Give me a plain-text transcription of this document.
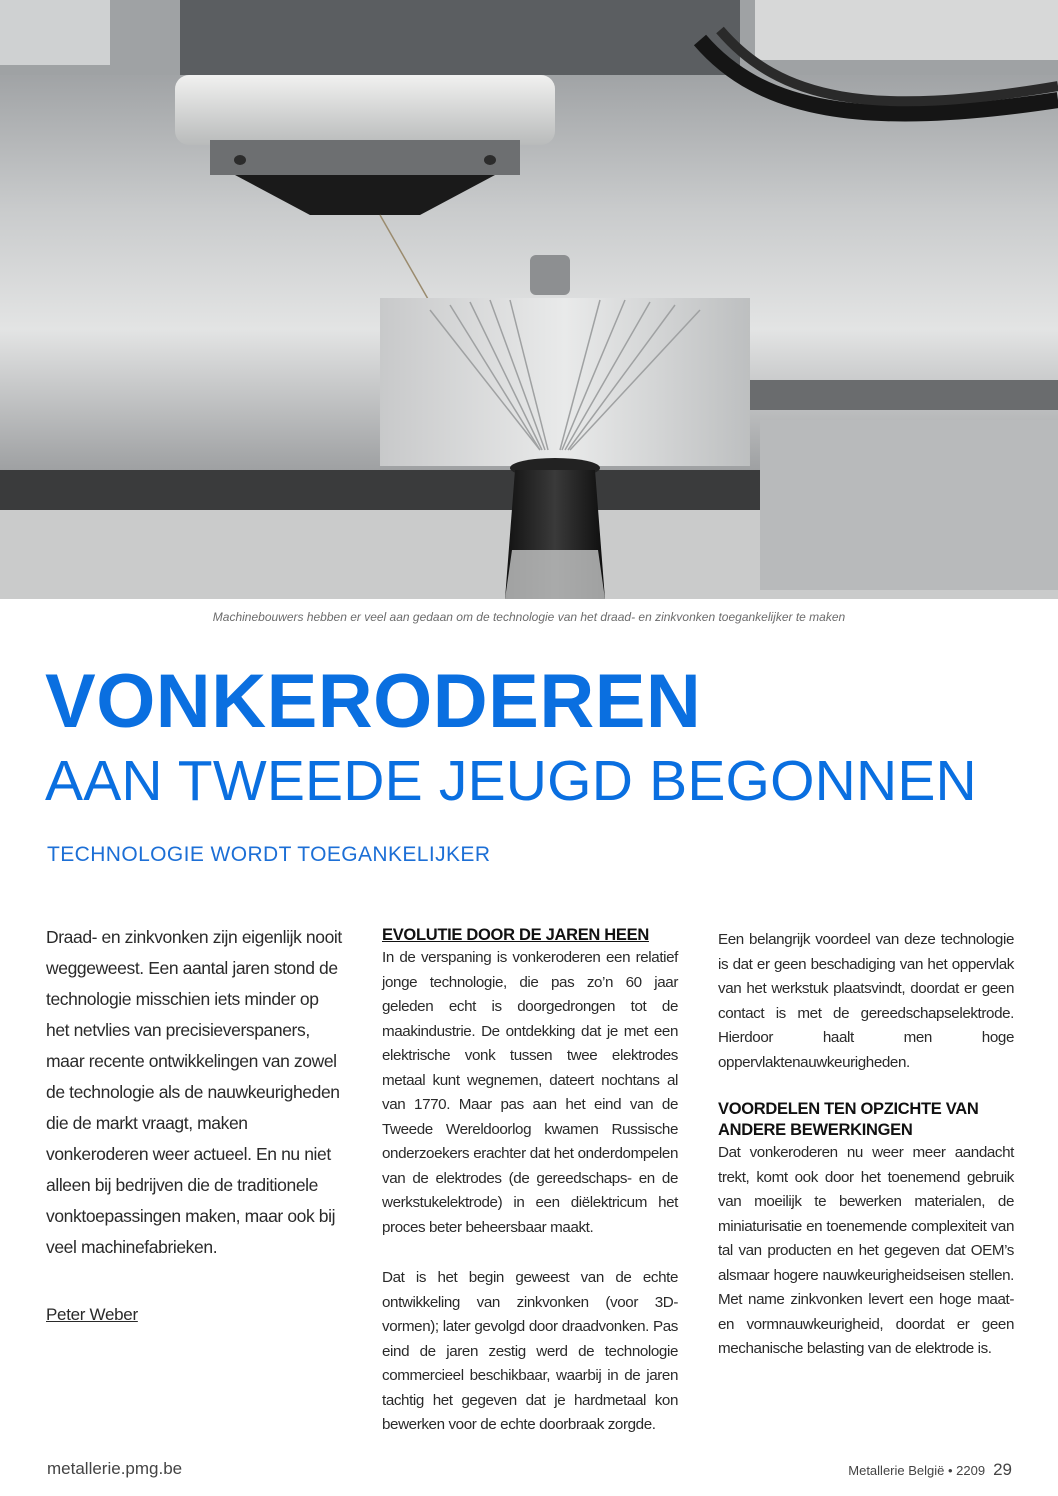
Machinebouwers hebben er veel aan gedaan om de technologie van het draad- en zinkvonken toegankelijker te maken
VONKERODEREN
AAN TWEEDE JEUGD BEGONNEN
TECHNOLOGIE WORDT TOEGANKELIJKER
Draad- en zinkvonken zijn eigenlijk nooit weggeweest. Een aantal jaren stond de technologie misschien iets minder op het netvlies van precisieverspaners, maar recente ontwikkelingen van zowel de technologie als de nauwkeurigheden die de markt vraagt, maken vonkeroderen weer actueel. En nu niet alleen bij bedrijven die de traditionele vonktoepassingen maken, maar ook bij veel machinefabrieken.
Peter Weber
EVOLUTIE DOOR DE JAREN HEEN

In de verspaning is vonkeroderen een relatief jonge technologie, die pas zo’n 60 jaar geleden echt is doorgedrongen tot de maakindustrie. De ontdekking dat je met een elektrische vonk tussen twee elektrodes metaal kunt wegnemen, dateert nochtans al van 1770. Maar pas aan het eind van de Tweede Wereldoorlog kwamen Russische onderzoekers erachter dat het onderdompelen van de elektrodes (de gereedschaps- en de werkstukelektrode) in een diëlektricum het proces beter beheersbaar maakt.

Dat is het begin geweest van de echte ontwikkeling van zinkvonken (voor 3D-vormen); later gevolgd door draadvonken. Pas eind de jaren zestig werd de technologie commercieel beschikbaar, waarbij in de jaren tachtig het gegeven dat je hardmetaal kon bewerken voor de echte doorbraak zorgde.

Een belangrijk voordeel van deze technologie is dat er geen beschadiging van het oppervlak van het werkstuk plaatsvindt, doordat er geen contact is met de gereedschapselektrode. Hierdoor haalt men hoge oppervlaktenauwkeurigheden.

VOORDELEN TEN OPZICHTE VAN ANDERE BEWERKINGEN

Dat vonkeroderen nu weer meer aandacht trekt, komt ook door het toenemend gebruik van moeilijk te bewerken materialen, de miniaturisatie en toenemende complexiteit van tal van producten en het gegeven dat OEM’s alsmaar hogere nauwkeurigheidseisen stellen. Met name zinkvonken levert een hoge maat- en vormnauwkeurigheid, doordat er geen mechanische belasting van de elektrode is.

metallerie.pmg.be	Metallerie België • 2209 29
